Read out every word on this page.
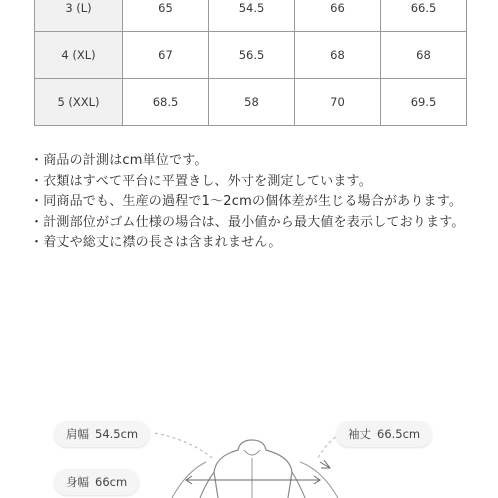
3 (L)	65	54.5	66	66.5
4 (XL)	67	56.5	68	68
5 (XXL)	68.5	58	70	69.5

・商品の計測はcm単位です。

・衣類はすべて平台に平置きし、外寸を測定しています。

・同商品でも、生産の過程で1〜2cmの個体差が生じる場合があります。

・計測部位がゴム仕様の場合は、最小値から最大値を表示しております。

・着丈や総丈に襟の長さは含まれません。

肩幅 54.5cm	袖丈 66.5cm
身幅 66cm
